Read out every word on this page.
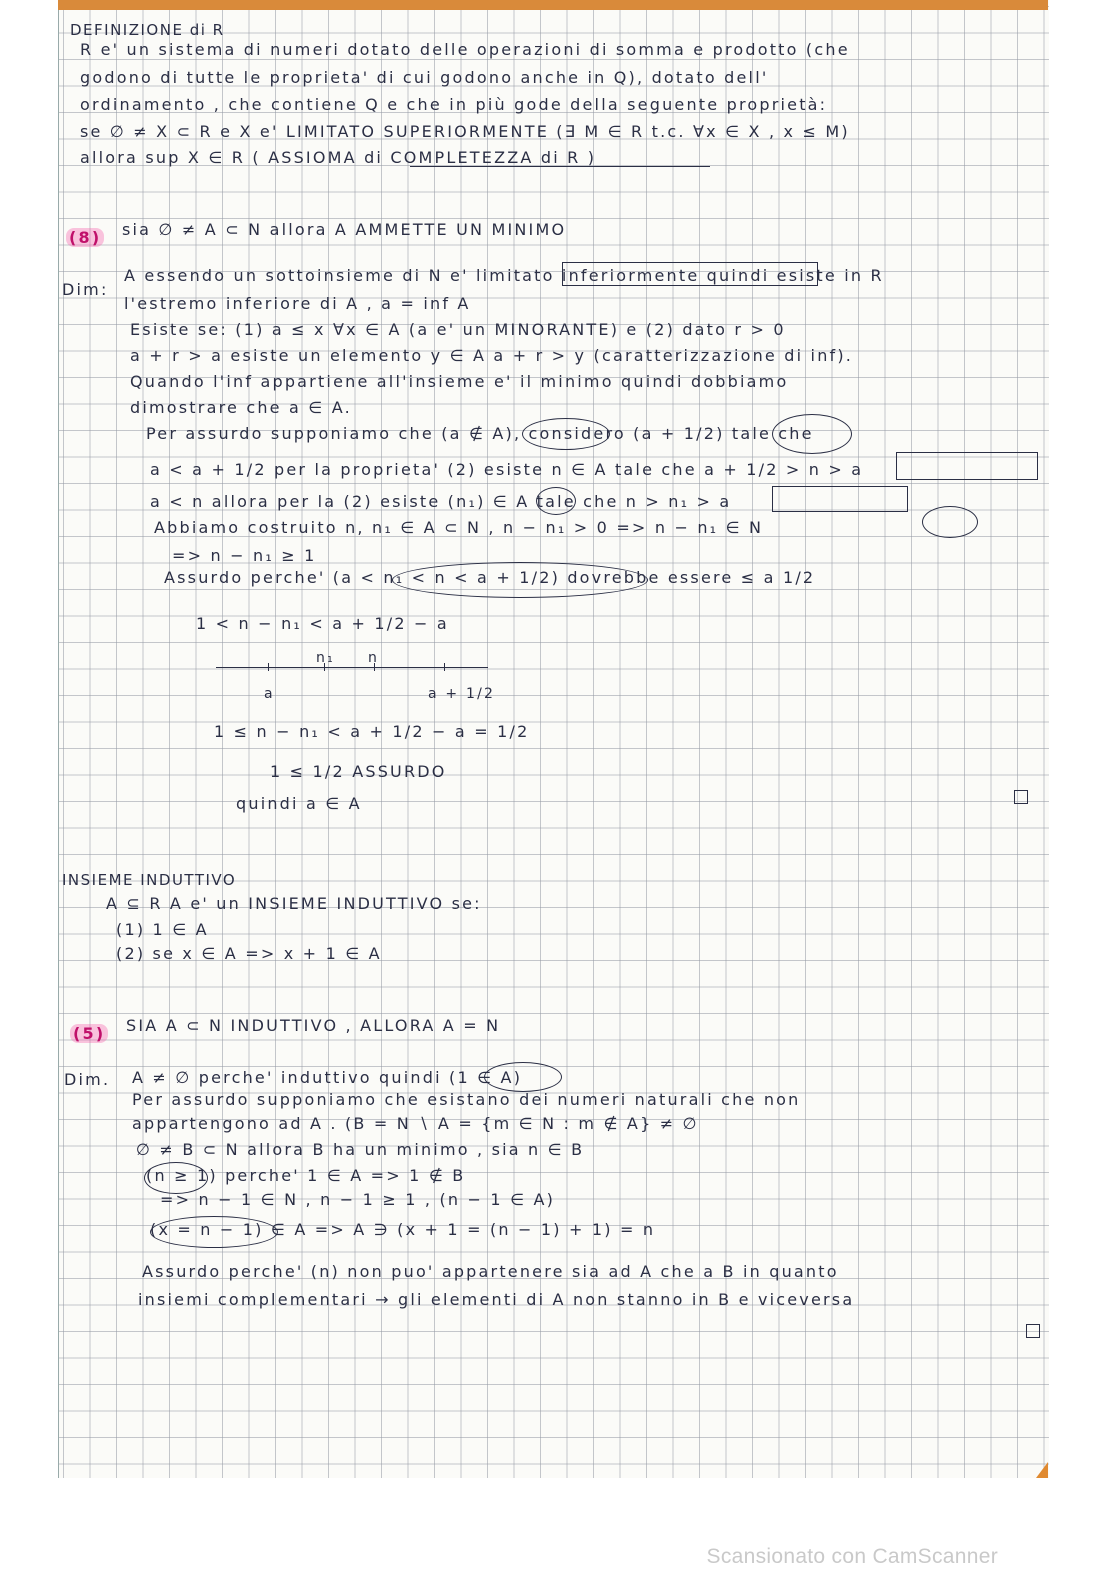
DEFINIZIONE di R
R e' un sistema di numeri dotato delle operazioni di somma e prodotto (che
godono di tutte le proprieta' di cui godono anche in Q), dotato dell'
ordinamento , che contiene Q e che in più gode della seguente proprietà:
se ∅ ≠ X ⊂ R e X e' LIMITATO SUPERIORMENTE (∃ M ∈ R t.c. ∀x ∈ X , x ≤ M)
allora sup X ∈ R ( ASSIOMA di COMPLETEZZA di R )
(8) sia ∅ ≠ A ⊂ N allora A AMMETTE UN MINIMO
Dim:
A essendo un sottoinsieme di N e' limitato inferiormente quindi esiste in R
l'estremo inferiore di A , a = inf A
Esiste se: (1) a ≤ x ∀x ∈ A (a e' un MINORANTE) e (2) dato r > 0
a + r > a esiste un elemento y ∈ A a + r > y (caratterizzazione di inf).
Quando l'inf appartiene all'insieme e' il minimo quindi dobbiamo
dimostrare che a ∈ A.
Per assurdo supponiamo che (a ∉ A), considero (a + 1/2) tale che
a < a + 1/2 per la proprieta' (2) esiste n ∈ A tale che a + 1/2 > n > a
a < n allora per la (2) esiste (n₁) ∈ A tale che n > n₁ > a
Abbiamo costruito n, n₁ ∈ A ⊂ N , n − n₁ > 0 => n − n₁ ∈ N
=> n − n₁ ≥ 1
Assurdo perche' (a < n₁ < n < a + 1/2) dovrebbe essere ≤ a 1/2
1 < n − n₁ < a + 1/2 − a
n₁ n
a	a + 1/2
1 ≤ n − n₁ < a + 1/2 − a = 1/2
1 ≤ 1/2 ASSURDO
quindi a ∈ A
INSIEME INDUTTIVO
A ⊆ R A e' un INSIEME INDUTTIVO se:
(1) 1 ∈ A
(2) se x ∈ A => x + 1 ∈ A
(5) SIA A ⊂ N INDUTTIVO , ALLORA A = N
Dim. A ≠ ∅ perche' induttivo quindi (1 ∈ A)
Per assurdo supponiamo che esistano dei numeri naturali che non
appartengono ad A . (B = N ∖ A = {m ∈ N : m ∉ A} ≠ ∅
∅ ≠ B ⊂ N allora B ha un minimo , sia n ∈ B
(n ≥ 1) perche' 1 ∈ A => 1 ∉ B
=> n − 1 ∈ N , n − 1 ≥ 1 , (n − 1 ∈ A)
(x = n − 1) ∈ A => A ∋ (x + 1 = (n − 1) + 1) = n
Assurdo perche' (n) non puo' appartenere sia ad A che a B in quanto
insiemi complementari → gli elementi di A non stanno in B e viceversa
Scansionato con CamScanner
